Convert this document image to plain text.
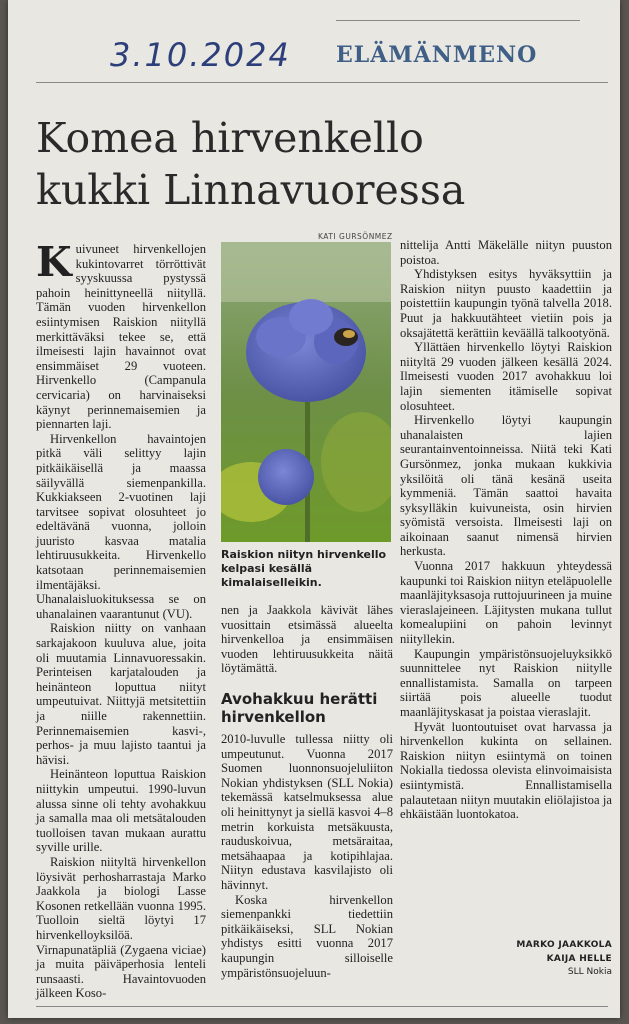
3.10.2024 ELÄMÄNMENO
Komea hirvenkello
kukki Linnavuoressa

Kuivuneet hirvenkellojen kukintovarret törröttivät syyskuussa pystyssä pahoin heinittyneellä niityllä. Tämän vuoden hirvenkellon esiintymisen Raiskion niityllä merkittäväksi tekee se, että ilmeisesti lajin havainnot ovat ensimmäiset 29 vuoteen. Hirvenkello (Campanula cervicaria) on harvinaiseksi käynyt perinnemaisemien ja piennarten laji.

Hirvenkellon havaintojen pitkä väli selittyy lajin pitkäikäisellä ja maassa säilyvällä siemenpankilla. Kukkiakseen 2-vuotinen laji tarvitsee sopivat olosuhteet jo edeltävänä vuonna, jolloin juuristo kasvaa matalia lehtiruusukkeita. Hirvenkello katsotaan perinnemaisemien ilmentäjäksi. Uhanalaisluokituksessa se on uhanalainen vaarantunut (VU).

Raiskion niitty on vanhaan sarkajakoon kuuluva alue, joita oli muutamia Linnavuoressakin. Perinteisen karjatalouden ja heinänteon loputtua niityt umpeutuivat. Niittyjä metsitettiin ja niille rakennettiin. Perinnemaisemien kasvi-, perhos- ja muu lajisto taantui ja hävisi.

Heinänteon loputtua Raiskion niittykin umpeutui. 1990-luvun alussa sinne oli tehty avohakkuu ja samalla maa oli metsätalouden tuolloisen tavan mukaan aurattu syville urille.

Raiskion niityltä hirvenkellon löysivät perhosharrastaja Marko Jaakkola ja biologi Lasse Kosonen retkellään vuonna 1995. Tuolloin sieltä löytyi 17 hirvenkelloyksilöä. Virnapunatäpliä (Zygaena viciae) ja muita päiväperhosia lenteli runsaasti. Havaintovuoden jälkeen Koso-

KATI GURSÖNMEZ
Raiskion niityn hirvenkello kelpasi kesällä kimalaiselleikin.

nen ja Jaakkola kävivät lähes vuosittain etsimässä alueelta hirvenkelloa ja ensimmäisen vuoden lehtiruusukkeita näitä löytämättä.

Avohakkuu herätti hirvenkellon

2010-luvulle tullessa niitty oli umpeutunut. Vuonna 2017 Suomen luonnonsuojeluliiton Nokian yhdistyksen (SLL Nokia) tekemässä katselmuksessa alue oli heinittynyt ja siellä kasvoi 4–8 metrin korkuista metsäkuusta, rauduskoivua, metsäraitaa, metsähaapaa ja kotipihlajaa. Niityn edustava kasvilajisto oli hävinnyt.

Koska hirvenkellon siemenpankki tiedettiin pitkäikäiseksi, SLL Nokian yhdistys esitti vuonna 2017 kaupungin silloiselle ympäristönsuojeluun-

nittelija Antti Mäkelälle niityn puuston poistoa.

Yhdistyksen esitys hyväksyttiin ja Raiskion niityn puusto kaadettiin ja poistettiin kaupungin työnä talvella 2018. Puut ja hakkuutähteet vietiin pois ja oksajätettä kerättiin keväällä talkootyönä.

Yllättäen hirvenkello löytyi Raiskion niityltä 29 vuoden jälkeen kesällä 2024. Ilmeisesti vuoden 2017 avohakkuu loi lajin siementen itämiselle sopivat olosuhteet.

Hirvenkello löytyi kaupungin uhanalaisten lajien seurantainventoinneissa. Niitä teki Kati Gursönmez, jonka mukaan kukkivia yksilöitä oli tänä kesänä useita kymmeniä. Tämän saattoi havaita syksylläkin kuivuneista, osin hirvien syömistä versoista. Ilmeisesti laji on aikoinaan saanut nimensä hirvien herkusta.

Vuonna 2017 hakkuun yhteydessä kaupunki toi Raiskion niityn eteläpuolelle maanläjityksasoja ruttojuurineen ja muine vieraslajeineen. Läjitysten mukana tullut komealupiini on pahoin levinnyt niityllekin.

Kaupungin ympäristönsuojeluyksikkö suunnittelee nyt Raiskion niitylle ennallistamista. Samalla on tarpeen siirtää pois alueelle tuodut maanläjityskasat ja poistaa vieraslajit.

Hyvät luontoutuiset ovat harvassa ja hirvenkellon kukinta on sellainen. Raiskion niityn esiintymä on toinen Nokialla tiedossa olevista elinvoimaisista esiintymistä. Ennallistamisella palautetaan niityn muutakin eliölajistoa ja ehkäistään luontokatoa.

MARKO JAAKKOLA
KAIJA HELLE
SLL Nokia
